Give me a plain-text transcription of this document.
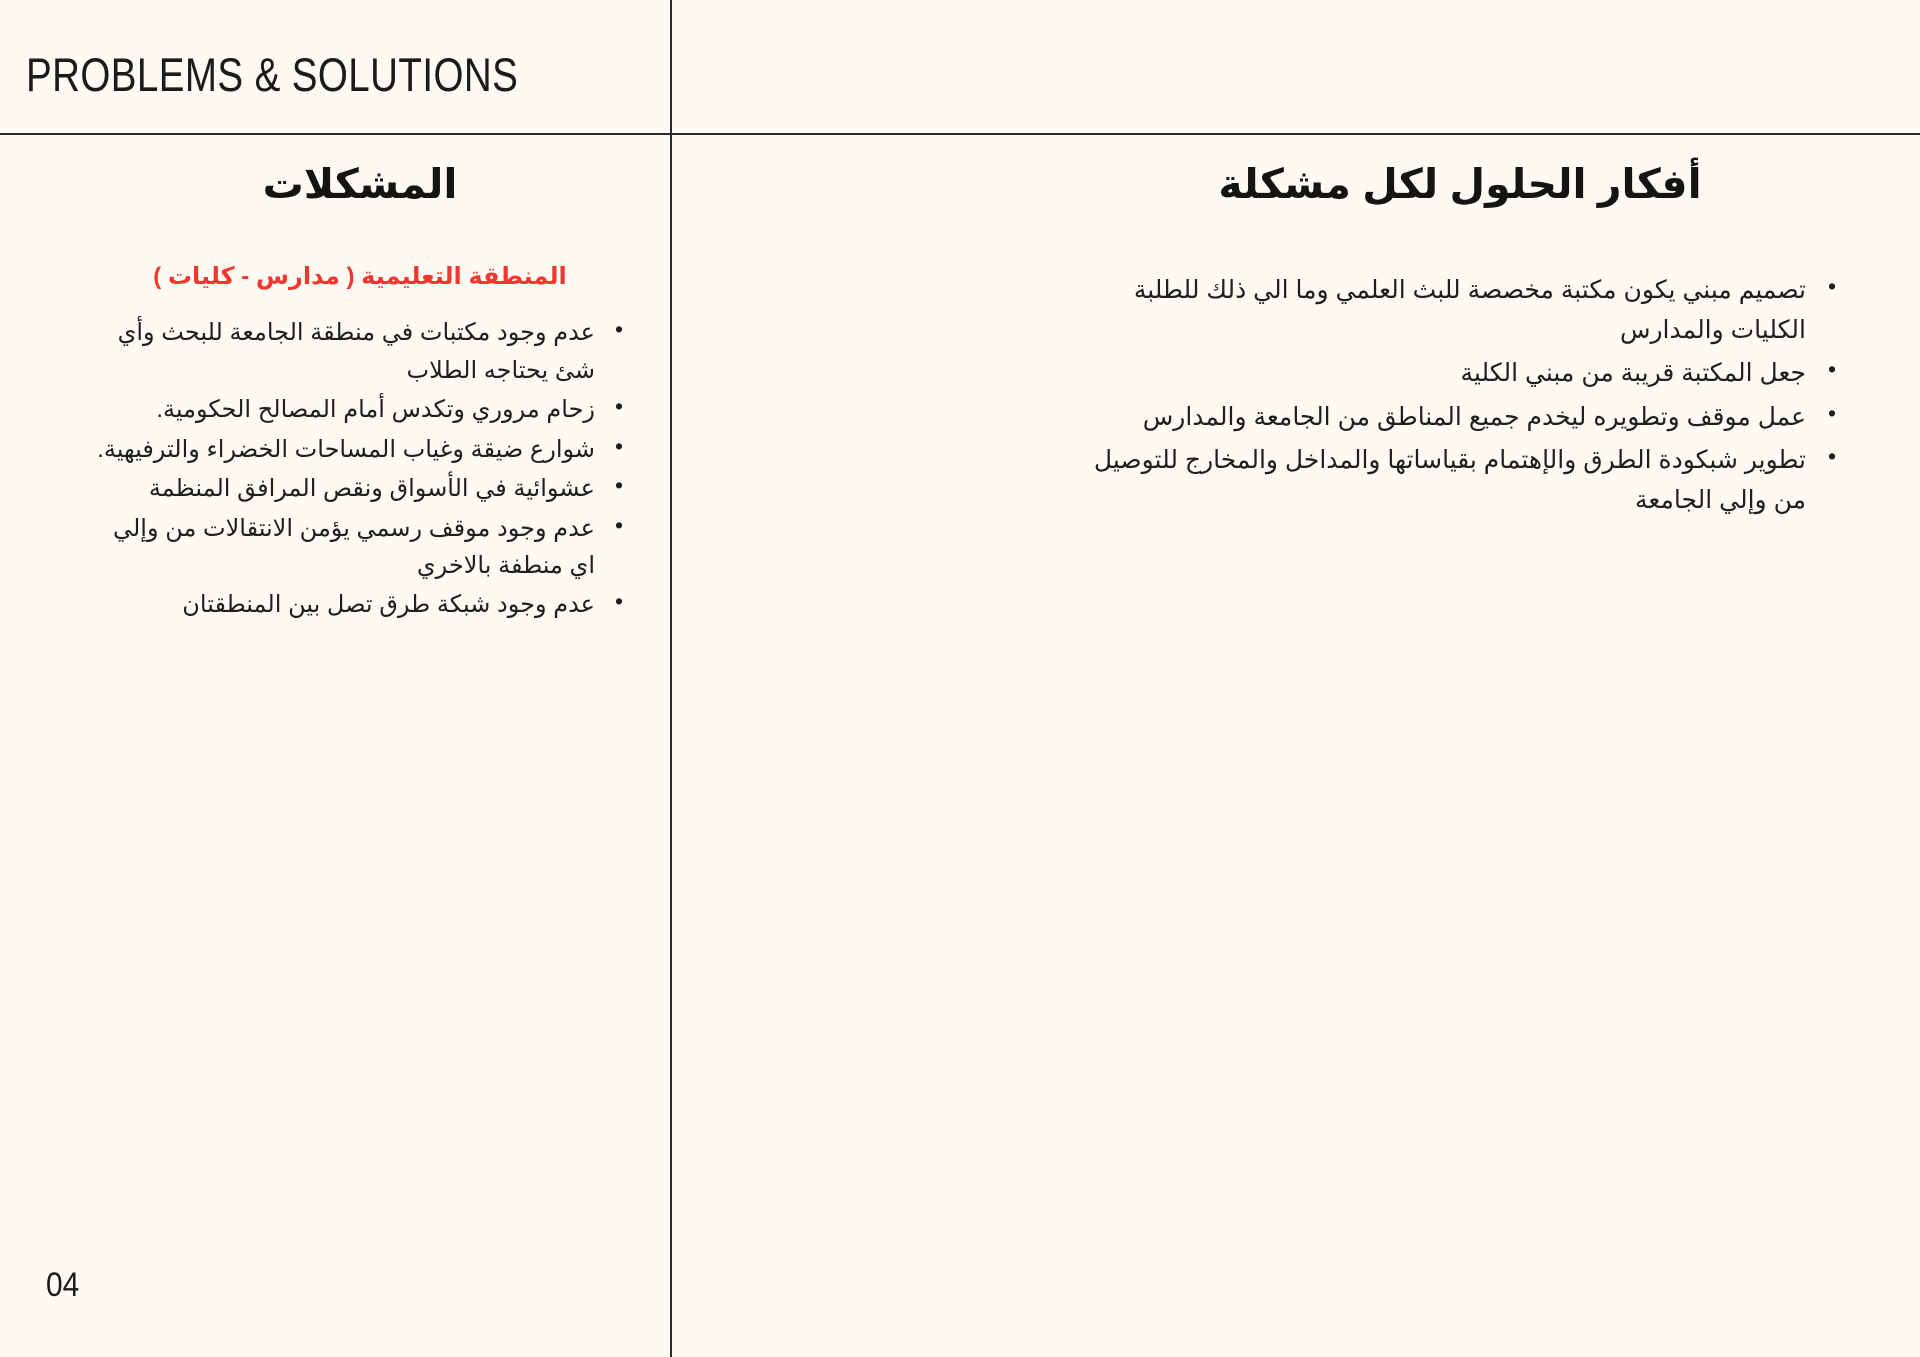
PROBLEMS & SOLUTIONS
المشكلات
المنطقة التعليمية ( مدارس - كليات )
• عدم وجود مكتبات في منطقة الجامعة للبحث وأي شئ يحتاجه الطلاب
• زحام مروري وتكدس أمام المصالح الحكومية.
• شوارع ضيقة وغياب المساحات الخضراء والترفيهية.
• عشوائية في الأسواق ونقص المرافق المنظمة
• عدم وجود موقف رسمي يؤمن الانتقالات من وإلي اي منطفة بالاخري
• عدم وجود شبكة طرق تصل بين المنطقتان
أفكار الحلول لكل مشكلة
• تصميم مبني يكون مكتبة مخصصة للبث العلمي وما الي ذلك للطلبة الكليات والمدارس
• جعل المكتبة قريبة من مبني الكلية
• عمل موقف وتطويره ليخدم جميع المناطق من الجامعة والمدارس
• تطوير شبكودة الطرق والإهتمام بقياساتها والمداخل والمخارج للتوصيل من وإلي الجامعة
04
